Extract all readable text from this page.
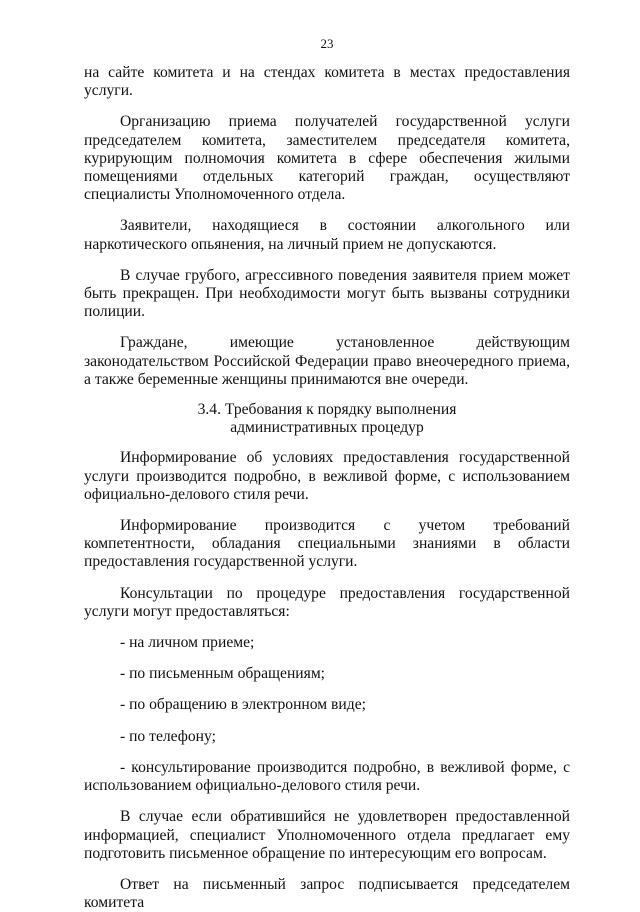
23

на сайте комитета и на стендах комитета в местах предоставления услуги.

Организацию приема получателей государственной услуги председателем комитета, заместителем председателя комитета, курирующим полномочия комитета в сфере обеспечения жилыми помещениями отдельных категорий граждан, осуществляют специалисты Уполномоченного отдела.

Заявители, находящиеся в состоянии алкогольного или наркотического опьянения, на личный прием не допускаются.

В случае грубого, агрессивного поведения заявителя прием может быть прекращен. При необходимости могут быть вызваны сотрудники полиции.

Граждане, имеющие установленное действующим законодательством Российской Федерации право внеочередного приема, а также беременные женщины принимаются вне очереди.

3.4. Требования к порядку выполнения
административных процедур

Информирование об условиях предоставления государственной услуги производится подробно, в вежливой форме, с использованием официально-делового стиля речи.

Информирование производится с учетом требований компетентности, обладания специальными знаниями в области предоставления государственной услуги.

Консультации по процедуре предоставления государственной услуги могут предоставляться:

- на личном приеме;

- по письменным обращениям;

- по обращению в электронном виде;

- по телефону;

- консультирование производится подробно, в вежливой форме, с использованием официально-делового стиля речи.

В случае если обратившийся не удовлетворен предоставленной информацией, специалист Уполномоченного отдела предлагает ему подготовить письменное обращение по интересующим его вопросам.

Ответ на письменный запрос подписывается председателем комитета
